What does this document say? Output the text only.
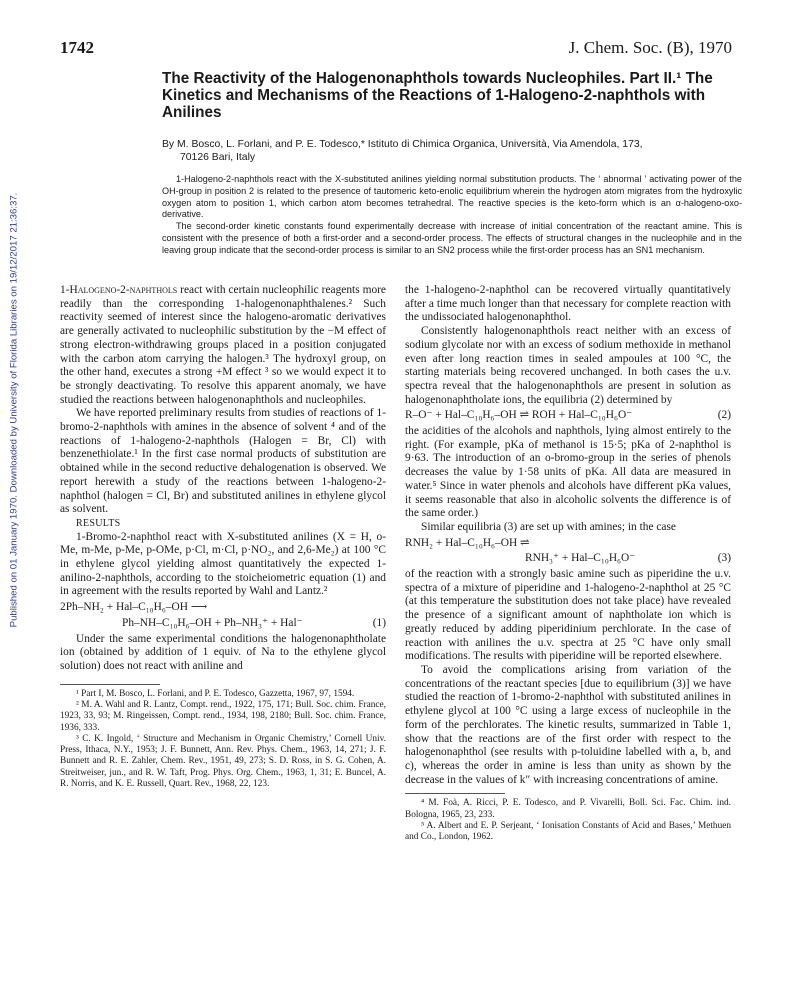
1742	J. Chem. Soc. (B), 1970
Published on 01 January 1970. Downloaded by University of Florida Libraries on 19/12/2017 21:36:37.
The Reactivity of the Halogenonaphthols towards Nucleophiles. Part II.¹ The Kinetics and Mechanisms of the Reactions of 1-Halogeno-2-naphthols with Anilines
By M. Bosco, L. Forlani, and P. E. Todesco,* Istituto di Chimica Organica, Università, Via Amendola, 173,
70126 Bari, Italy

1-Halogeno-2-naphthols react with the X-substituted anilines yielding normal substitution products. The ‘ abnormal ’ activating power of the OH-group in position 2 is related to the presence of tautomeric keto-enolic equilibrium wherein the hydrogen atom migrates from the hydroxylic oxygen atom to position 1, which carbon atom becomes tetrahedral. The reactive species is the keto-form which is an α-halogeno-oxo-derivative.

The second-order kinetic constants found experimentally decrease with increase of initial concentration of the reactant amine. This is consistent with the presence of both a first-order and a second-order process. The effects of structural changes in the nucleophile and in the leaving group indicate that the second-order process is similar to an SN2 process while the first-order process has an SN1 mechanism.

1-Halogeno-2-naphthols react with certain nucleophilic reagents more readily than the corresponding 1-halogenonaphthalenes.² Such reactivity seemed of interest since the halogeno-aromatic derivatives are generally activated to nucleophilic substitution by the −M effect of strong electron-withdrawing groups placed in a position conjugated with the carbon atom carrying the halogen.³ The hydroxyl group, on the other hand, executes a strong +M effect ³ so we would expect it to be strongly deactivating. To resolve this apparent anomaly, we have studied the reactions between halogenonaphthols and nucleophiles.

We have reported preliminary results from studies of reactions of 1-bromo-2-naphthols with amines in the absence of solvent ⁴ and of the reactions of 1-halogeno-2-naphthols (Halogen = Br, Cl) with benzenethiolate.¹ In the first case normal products of substitution are obtained while in the second reductive dehalogenation is observed. We report herewith a study of the reactions between 1-halogeno-2-naphthol (halogen = Cl, Br) and substituted anilines in ethylene glycol as solvent.

RESULTS

1-Bromo-2-naphthol react with X-substituted anilines (X = H, o-Me, m-Me, p-Me, p-OMe, p·Cl, m·Cl, p·NO₂, and 2,6-Me₂) at 100 °C in ethylene glycol yielding almost quantitatively the expected 1-anilino-2-naphthols, according to the stoicheiometric equation (1) and in agreement with the results reported by Wahl and Lantz.²

2Ph–NH₂ + Hal–C₁₀H₆–OH ⟶
Ph–NH–C₁₀H₆–OH + Ph–NH₃⁺ + Hal⁻	(1)

Under the same experimental conditions the halogenonaphtholate ion (obtained by addition of 1 equiv. of Na to the ethylene glycol solution) does not react with aniline and

¹ Part I, M. Bosco, L. Forlani, and P. E. Todesco, Gazzetta, 1967, 97, 1594.

² M. A. Wahl and R. Lantz, Compt. rend., 1922, 175, 171; Bull. Soc. chim. France, 1923, 33, 93; M. Ringeissen, Compt. rend., 1934, 198, 2180; Bull. Soc. chim. France, 1936, 333.

³ C. K. Ingold, ‘ Structure and Mechanism in Organic Chemistry,’ Cornell Univ. Press, Ithaca, N.Y., 1953; J. F. Bunnett, Ann. Rev. Phys. Chem., 1963, 14, 271; J. F. Bunnett and R. E. Zahler, Chem. Rev., 1951, 49, 273; S. D. Ross, in S. G. Cohen, A. Streitweiser, jun., and R. W. Taft, Prog. Phys. Org. Chem., 1963, 1, 31; E. Buncel, A. R. Norris, and K. E. Russell, Quart. Rev., 1968, 22, 123.

the 1-halogeno-2-naphthol can be recovered virtually quantitatively after a time much longer than that necessary for complete reaction with the undissociated halogenonaphthol.

Consistently halogenonaphthols react neither with an excess of sodium glycolate nor with an excess of sodium methoxide in methanol even after long reaction times in sealed ampoules at 100 °C, the starting materials being recovered unchanged. In both cases the u.v. spectra reveal that the halogenonaphthols are present in solution as halogenonaphtholate ions, the equilibria (2) determined by

R–O⁻ + Hal–C₁₀H₆–OH ⇌ ROH + Hal–C₁₀H₆O⁻	(2)

the acidities of the alcohols and naphthols, lying almost entirely to the right. (For example, pKa of methanol is 15·5; pKa of 2-naphthol is 9·63. The introduction of an o-bromo-group in the series of phenols decreases the value by 1·58 units of pKa. All data are measured in water.⁵ Since in water phenols and alcohols have different pKa values, it seems reasonable that also in alcoholic solvents the difference is of the same order.)

Similar equilibria (3) are set up with amines; in the case

RNH₂ + Hal–C₁₀H₆–OH ⇌
RNH₃⁺ + Hal–C₁₀H₆O⁻	(3)

of the reaction with a strongly basic amine such as piperidine the u.v. spectra of a mixture of piperidine and 1-halogeno-2-naphthol at 25 °C (at this temperature the substitution does not take place) have revealed the presence of a significant amount of naphtholate ion which is greatly reduced by adding piperidinium perchlorate. In the case of reaction with anilines the u.v. spectra at 25 °C have only small modifications. The results with piperidine will be reported elsewhere.

To avoid the complications arising from variation of the concentrations of the reactant species [due to equilibrium (3)] we have studied the reaction of 1-bromo-2-naphthol with substituted anilines in ethylene glycol at 100 °C using a large excess of nucleophile in the form of the perchlorates. The kinetic results, summarized in Table 1, show that the reactions are of the first order with respect to the halogenonaphthol (see results with p-toluidine labelled with a, b, and c), whereas the order in amine is less than unity as shown by the decrease in the values of k″ with increasing concentrations of amine.

⁴ M. Foà, A. Ricci, P. E. Todesco, and P. Vivarelli, Boll. Sci. Fac. Chim. ind. Bologna, 1965, 23, 233.

⁵ A. Albert and E. P. Serjeant, ‘ Ionisation Constants of Acid and Bases,’ Methuen and Co., London, 1962.
